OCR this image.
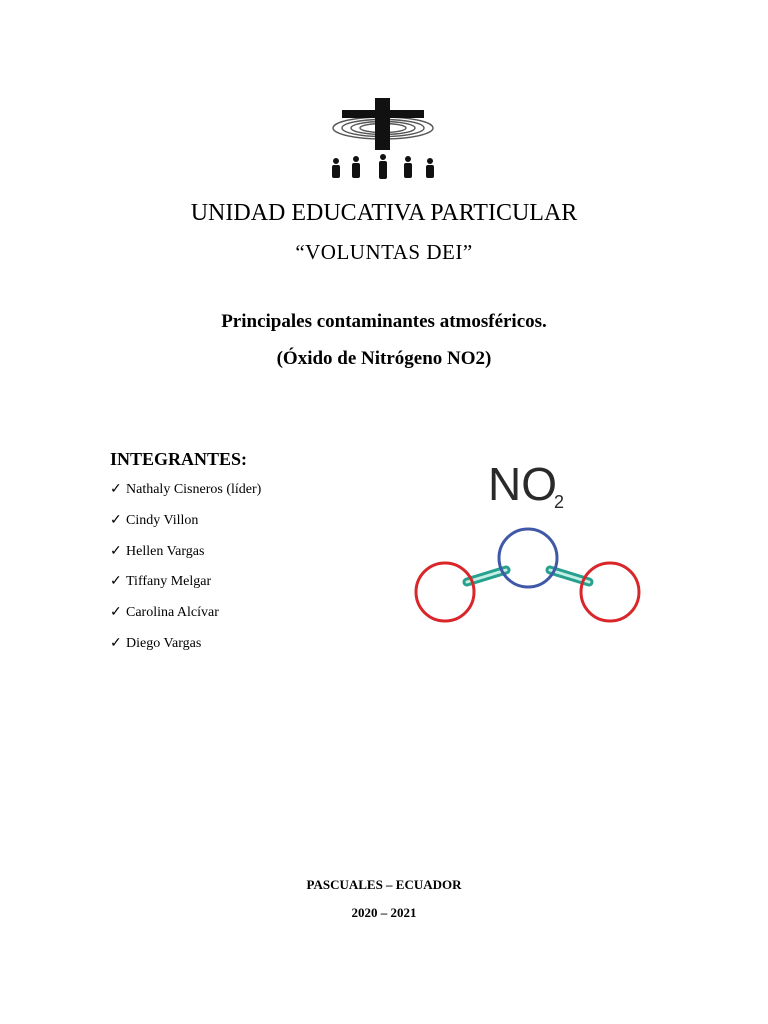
UNIDAD EDUCATIVA PARTICULAR
“VOLUNTAS DEI”
Principales contaminantes atmosféricos.
(Óxido de Nitrógeno NO2)
INTEGRANTES:
✓ Nathaly Cisneros (líder)
✓ Cindy Villon
✓ Hellen Vargas
✓ Tiffany Melgar
✓ Carolina Alcívar
✓ Diego Vargas
NO
2
PASCUALES – ECUADOR
2020 – 2021
